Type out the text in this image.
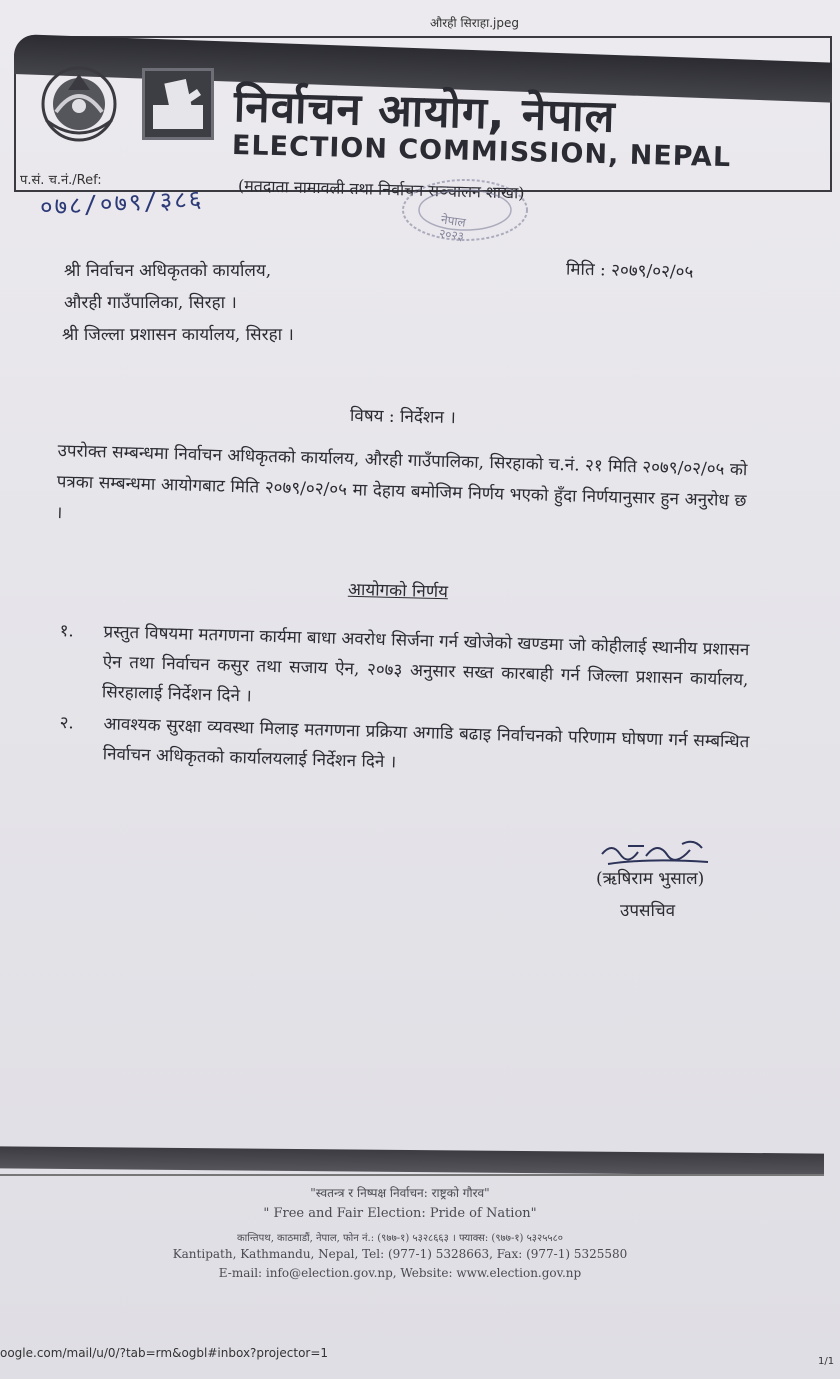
औरही सिराहा.jpeg
निर्वाचन आयोग, नेपाल
ELECTION COMMISSION, NEPAL
प.सं. च.नं./Ref:
०७८/०७९/३८६ (मतदाता नामावली तथा निर्वाचन सञ्चालन शाखा)
नेपाल
२०२३
मिति : २०७९/०२/०५
श्री निर्वाचन अधिकृतको कार्यालय,
औरही गाउँपालिका, सिरहा ।
श्री जिल्ला प्रशासन कार्यालय, सिरहा ।
विषय : निर्देशन ।
उपरोक्त सम्बन्धमा निर्वाचन अधिकृतको कार्यालय, औरही गाउँपालिका, सिरहाको च.नं. २१ मिति २०७९/०२/०५ को पत्रका सम्बन्धमा आयोगबाट मिति २०७९/०२/०५ मा देहाय बमोजिम निर्णय भएको हुँदा निर्णयानुसार हुन अनुरोध छ ।
आयोगको निर्णय
१.	प्रस्तुत विषयमा मतगणना कार्यमा बाधा अवरोध सिर्जना गर्न खोजेको खण्डमा जो कोहीलाई स्थानीय प्रशासन ऐन तथा निर्वाचन कसुर तथा सजाय ऐन, २०७३ अनुसार सख्त कारबाही गर्न जिल्ला प्रशासन कार्यालय, सिरहालाई निर्देशन दिने ।
२.	आवश्यक सुरक्षा व्यवस्था मिलाइ मतगणना प्रक्रिया अगाडि बढाइ निर्वाचनको परिणाम घोषणा गर्न सम्बन्धित निर्वाचन अधिकृतको कार्यालयलाई निर्देशन दिने ।
(ऋषिराम भुसाल)
उपसचिव
"स्वतन्त्र र निष्पक्ष निर्वाचन: राष्ट्रको गौरव"
" Free and Fair Election: Pride of Nation"
कान्तिपथ, काठमाडौं, नेपाल, फोन नं.: (९७७-१) ५३२८६६३ । फ्याक्स: (९७७-१) ५३२५५८०
Kantipath, Kathmandu, Nepal, Tel: (977-1) 5328663, Fax: (977-1) 5325580
E-mail: info@election.gov.np, Website: www.election.gov.np
oogle.com/mail/u/0/?tab=rm&ogbl#inbox?projector=1
1/1
